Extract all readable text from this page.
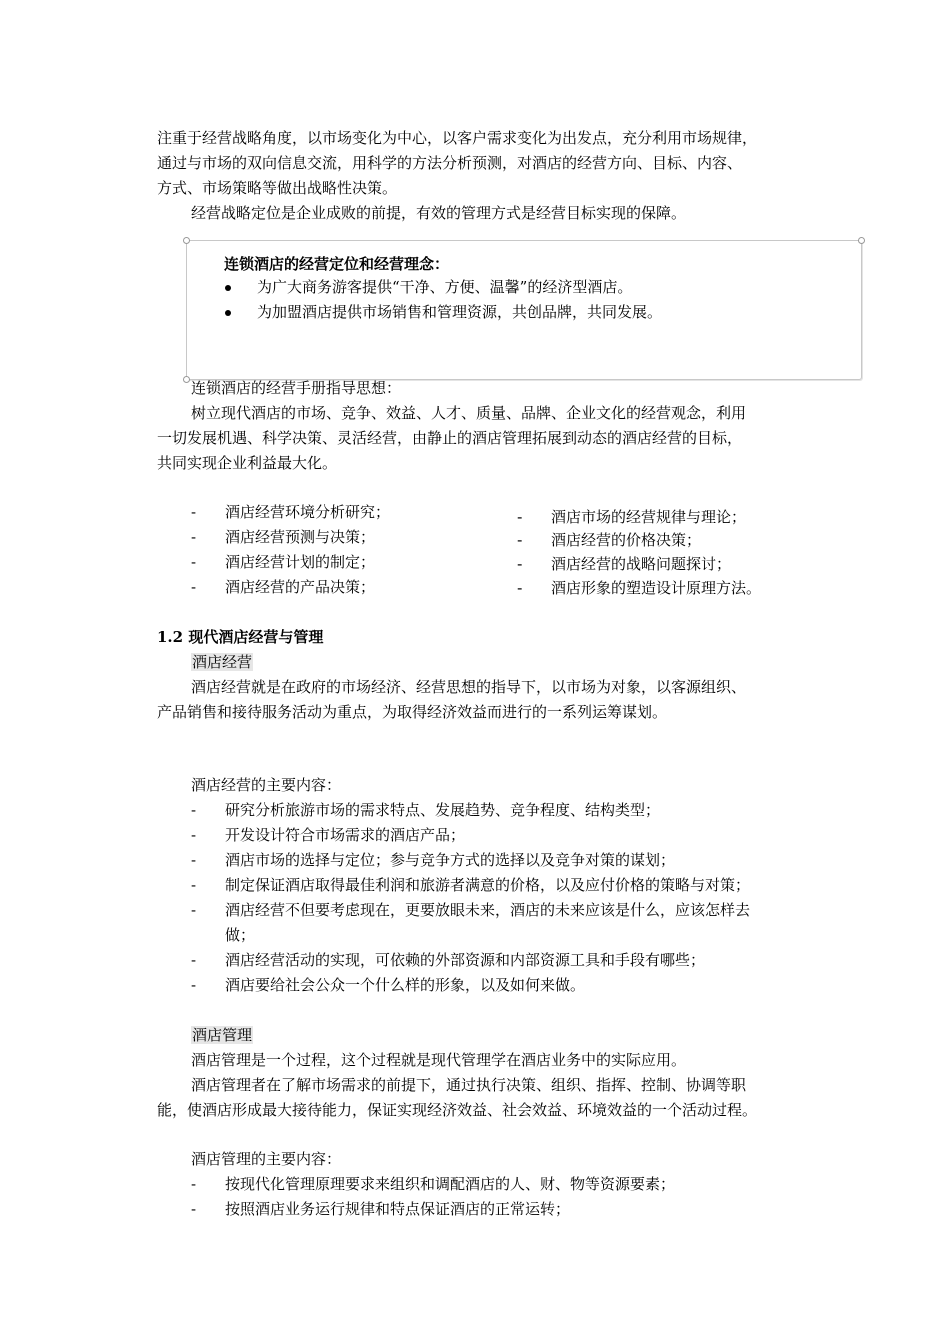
注重于经营战略角度，以市场变化为中心，以客户需求变化为出发点，充分利用市场规律，
通过与市场的双向信息交流，用科学的方法分析预测，对酒店的经营方向、目标、内容、
方式、市场策略等做出战略性决策。
经营战略定位是企业成败的前提，有效的管理方式是经营目标实现的保障。
连锁酒店的经营定位和经营理念：
为广大商务游客提供“干净、方便、温馨”的经济型酒店。
为加盟酒店提供市场销售和管理资源，共创品牌，共同发展。
连锁酒店的经营手册指导思想：
树立现代酒店的市场、竞争、效益、人才、质量、品牌、企业文化的经营观念，利用
一切发展机遇、科学决策、灵活经营，由静止的酒店管理拓展到动态的酒店经营的目标，
共同实现企业利益最大化。
- 酒店经营环境分析研究；
- 酒店经营预测与决策；
- 酒店经营计划的制定；
- 酒店经营的产品决策；
- 酒店市场的经营规律与理论；
- 酒店经营的价格决策；
- 酒店经营的战略问题探讨；
- 酒店形象的塑造设计原理方法。
1.2 现代酒店经营与管理
酒店经营
酒店经营就是在政府的市场经济、经营思想的指导下，以市场为对象，以客源组织、
产品销售和接待服务活动为重点，为取得经济效益而进行的一系列运筹谋划。
酒店经营的主要内容：
- 研究分析旅游市场的需求特点、发展趋势、竞争程度、结构类型；
- 开发设计符合市场需求的酒店产品；
- 酒店市场的选择与定位；参与竞争方式的选择以及竞争对策的谋划；
- 制定保证酒店取得最佳利润和旅游者满意的价格，以及应付价格的策略与对策；
- 酒店经营不但要考虑现在，更要放眼未来，酒店的未来应该是什么，应该怎样去
做；
- 酒店经营活动的实现，可依赖的外部资源和内部资源工具和手段有哪些；
- 酒店要给社会公众一个什么样的形象，以及如何来做。
酒店管理
酒店管理是一个过程，这个过程就是现代管理学在酒店业务中的实际应用。
酒店管理者在了解市场需求的前提下，通过执行决策、组织、指挥、控制、协调等职
能，使酒店形成最大接待能力，保证实现经济效益、社会效益、环境效益的一个活动过程。
酒店管理的主要内容：
- 按现代化管理原理要求来组织和调配酒店的人、财、物等资源要素；
- 按照酒店业务运行规律和特点保证酒店的正常运转；
